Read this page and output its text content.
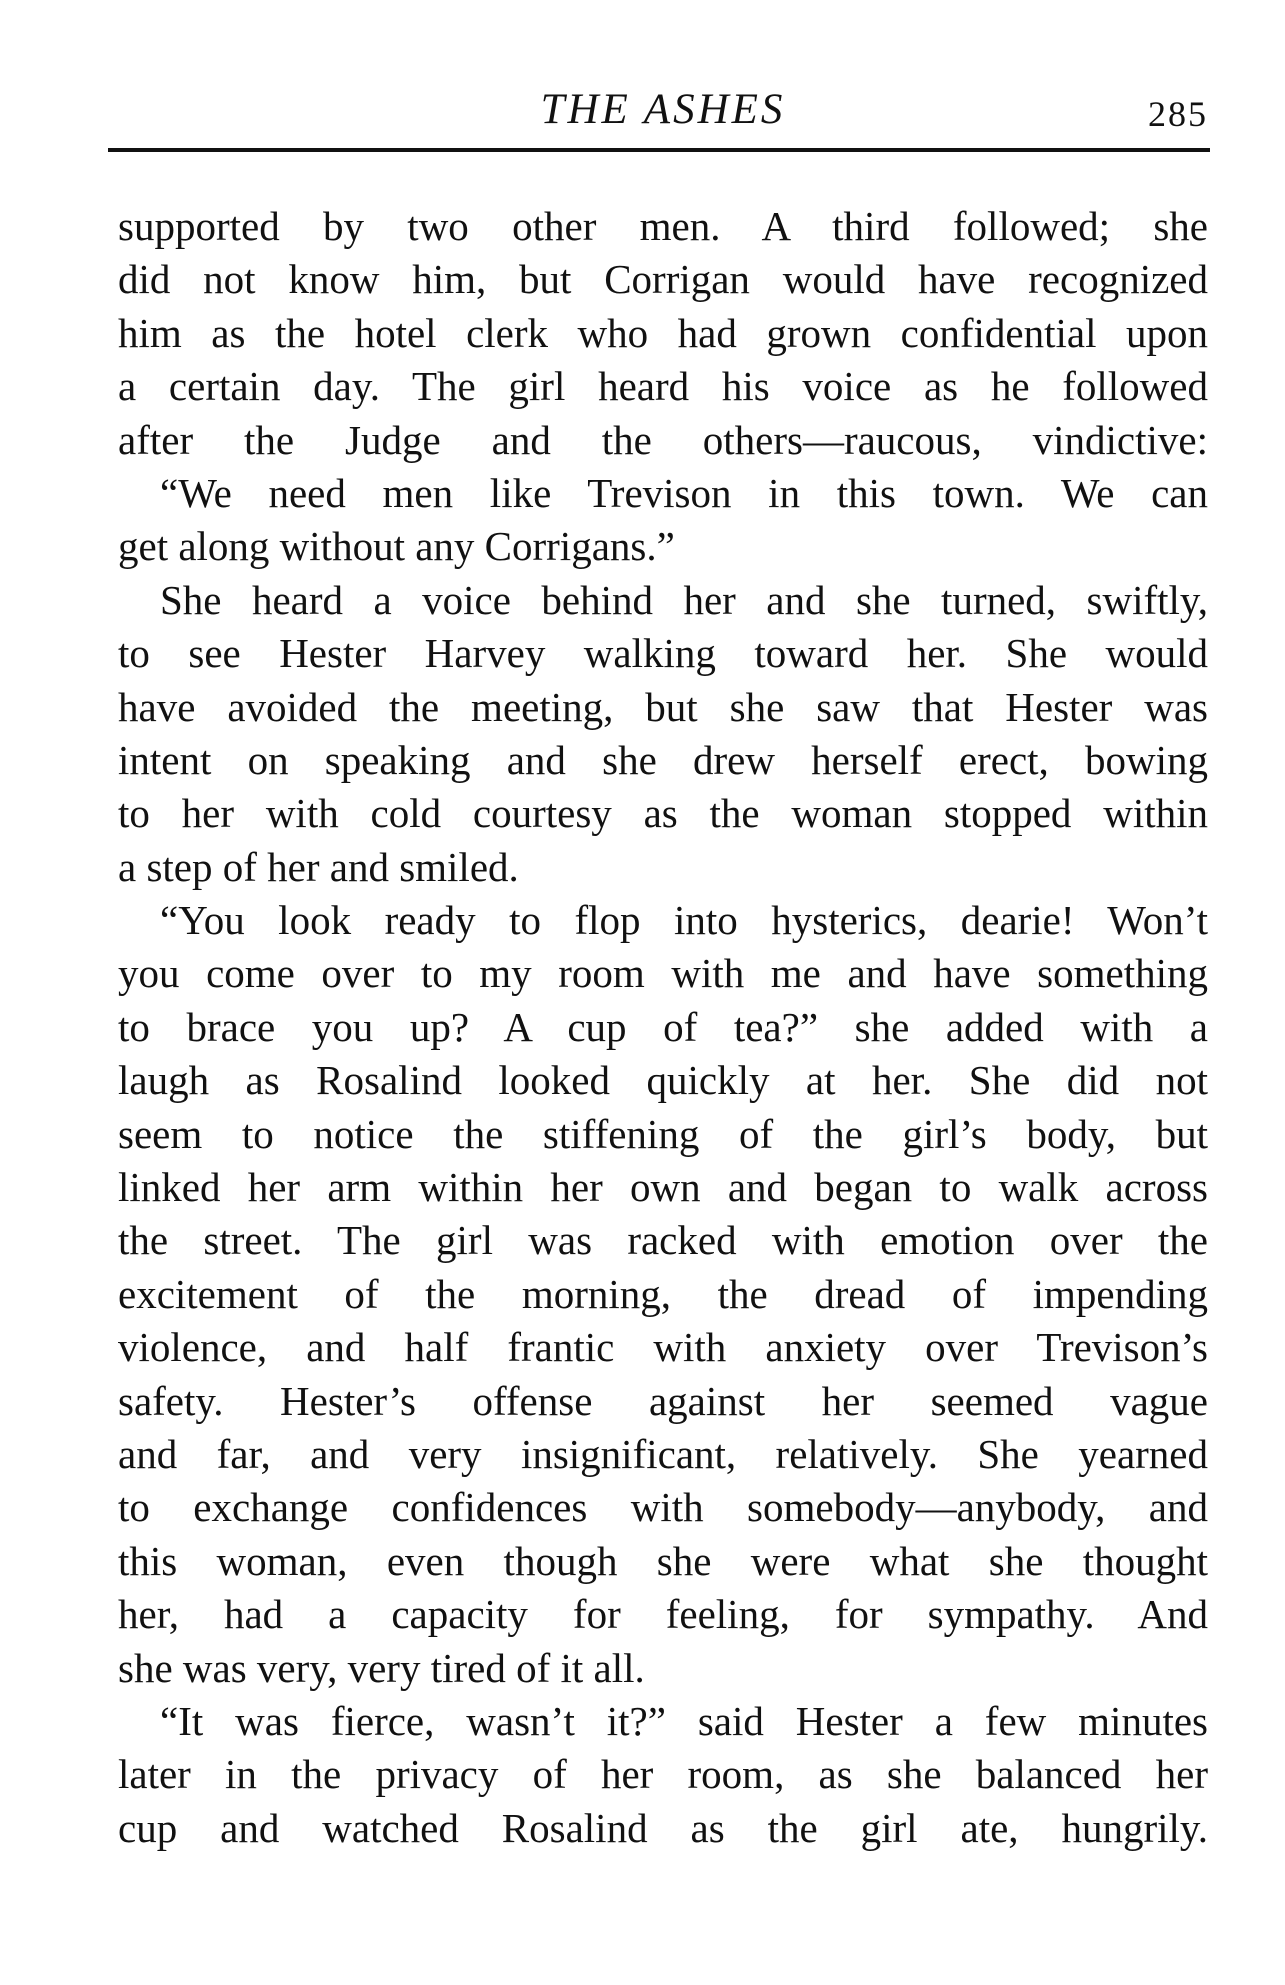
THE ASHES	285
supported by two other men. A third followed; she
did not know him, but Corrigan would have recognized
him as the hotel clerk who had grown confidential upon
a certain day. The girl heard his voice as he followed
after the Judge and the others—raucous, vindictive:
“We need men like Trevison in this town. We can
get along without any Corrigans.”
She heard a voice behind her and she turned, swiftly,
to see Hester Harvey walking toward her. She would
have avoided the meeting, but she saw that Hester was
intent on speaking and she drew herself erect, bowing
to her with cold courtesy as the woman stopped within
a step of her and smiled.
“You look ready to flop into hysterics, dearie! Won’t
you come over to my room with me and have something
to brace you up? A cup of tea?” she added with a
laugh as Rosalind looked quickly at her. She did not
seem to notice the stiffening of the girl’s body, but
linked her arm within her own and began to walk across
the street. The girl was racked with emotion over the
excitement of the morning, the dread of impending
violence, and half frantic with anxiety over Trevison’s
safety. Hester’s offense against her seemed vague
and far, and very insignificant, relatively. She yearned
to exchange confidences with somebody—anybody, and
this woman, even though she were what she thought
her, had a capacity for feeling, for sympathy. And
she was very, very tired of it all.
“It was fierce, wasn’t it?” said Hester a few minutes
later in the privacy of her room, as she balanced her
cup and watched Rosalind as the girl ate, hungrily.
